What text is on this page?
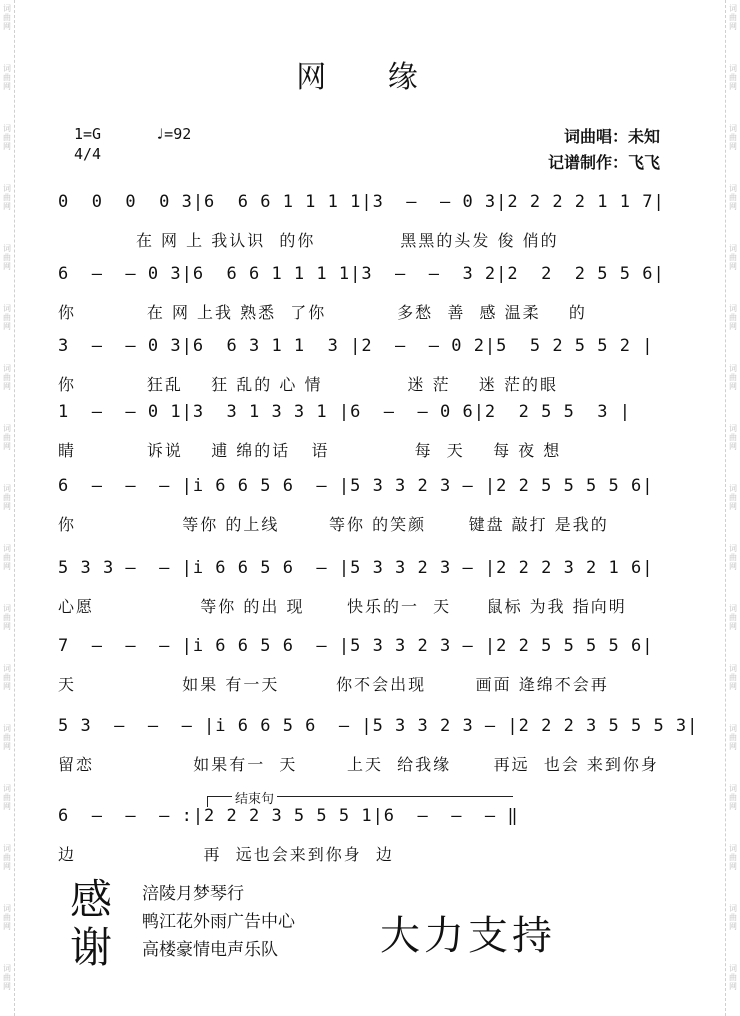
词曲网
词曲网
词曲网
词曲网
词曲网
词曲网
词曲网
词曲网
词曲网
词曲网
词曲网
词曲网
词曲网
词曲网
词曲网
词曲网
词曲网
词曲网
词曲网
词曲网
词曲网
词曲网
词曲网
词曲网
词曲网
词曲网
词曲网
词曲网
词曲网
词曲网
词曲网
词曲网
词曲网
词曲网
网 缘
1=G	♩=92
4/4
词曲唱：未知
记谱制作：飞飞
0  0  0  0 3|6  6 6 1 1 1 1|3  –  – 0 3|2 2 2 2 1 1 7|
在 网 上 我认识  的你            黑黑的头发 俊 俏的
6  –  – 0 3|6  6 6 1 1 1 1|3  –  –  3 2|2  2  2 5 5 6|
你          在 网 上我 熟悉  了你          多愁  善  感 温柔    的
3  –  – 0 3|6  6 3 1 1  3 |2  –  – 0 2|5  5 2 5 5 2 |
你          狂乱    狂 乱的 心 情            迷 茫    迷 茫的眼
1  –  – 0 1|3  3 1 3 3 1 |6  –  – 0 6|2  2 5 5  3 |
睛          诉说    逋 绵的话   语            每  天    每 夜 想
6  –  –  – |i 6 6 5 6  – |5 3 3 2 3 – |2 2 5 5 5 5 6|
你               等你 的上线       等你 的笑颜      键盘 敲打 是我的
5 3 3 –  – |i 6 6 5 6  – |5 3 3 2 3 – |2 2 2 3 2 1 6|
心愿               等你 的出 现      快乐的一  天     鼠标 为我 指向明
7  –  –  – |i 6 6 5 6  – |5 3 3 2 3 – |2 2 5 5 5 5 6|
天               如果 有一天        你不会出现       画面 逄绵不会再
5 3  –  –  – |i 6 6 5 6  – |5 3 3 2 3 – |2 2 2 3 5 5 5 3|
留恋              如果有一  天       上天  给我缘      再远  也会 来到你身
结束句
6  –  –  – :|2 2 2 3 5 5 5 1|6  –  –  – ‖
边                  再  远也会来到你身  边
感谢
涪陵月梦琴行
鸭江花外雨广告中心
高楼豪情电声乐队	大力支持
